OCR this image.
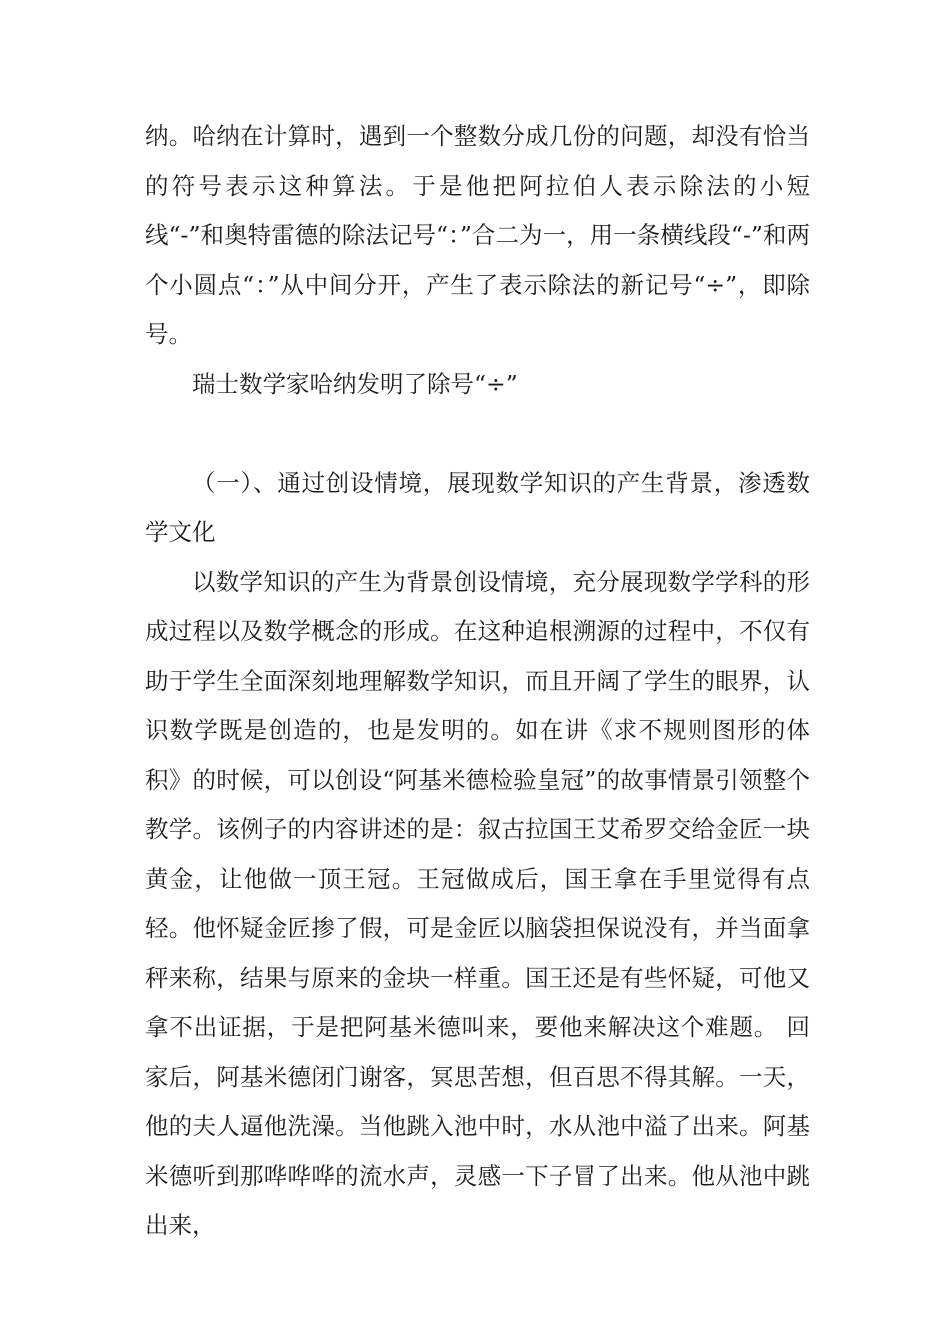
纳。哈纳在计算时，遇到一个整数分成几份的问题，却没有恰当的符号表示这种算法。于是他把阿拉伯人表示除法的小短线“-”和奥特雷德的除法记号“：”合二为一，用一条横线段“-”和两个小圆点“：”从中间分开，产生了表示除法的新记号“÷”，即除号。

瑞士数学家哈纳发明了除号“÷”

（一）、通过创设情境，展现数学知识的产生背景，渗透数学文化

以数学知识的产生为背景创设情境，充分展现数学学科的形成过程以及数学概念的形成。在这种追根溯源的过程中，不仅有助于学生全面深刻地理解数学知识，而且开阔了学生的眼界，认识数学既是创造的，也是发明的。如在讲《求不规则图形的体积》的时候，可以创设“阿基米德检验皇冠”的故事情景引领整个教学。该例子的内容讲述的是：叙古拉国王艾希罗交给金匠一块黄金，让他做一顶王冠。王冠做成后，国王拿在手里觉得有点轻。他怀疑金匠掺了假，可是金匠以脑袋担保说没有，并当面拿秤来称，结果与原来的金块一样重。国王还是有些怀疑，可他又拿不出证据，于是把阿基米德叫来，要他来解决这个难题。 回家后，阿基米德闭门谢客，冥思苦想，但百思不得其解。一天，他的夫人逼他洗澡。当他跳入池中时，水从池中溢了出来。阿基米德听到那哗哗哗的流水声，灵感一下子冒了出来。他从池中跳出来，
